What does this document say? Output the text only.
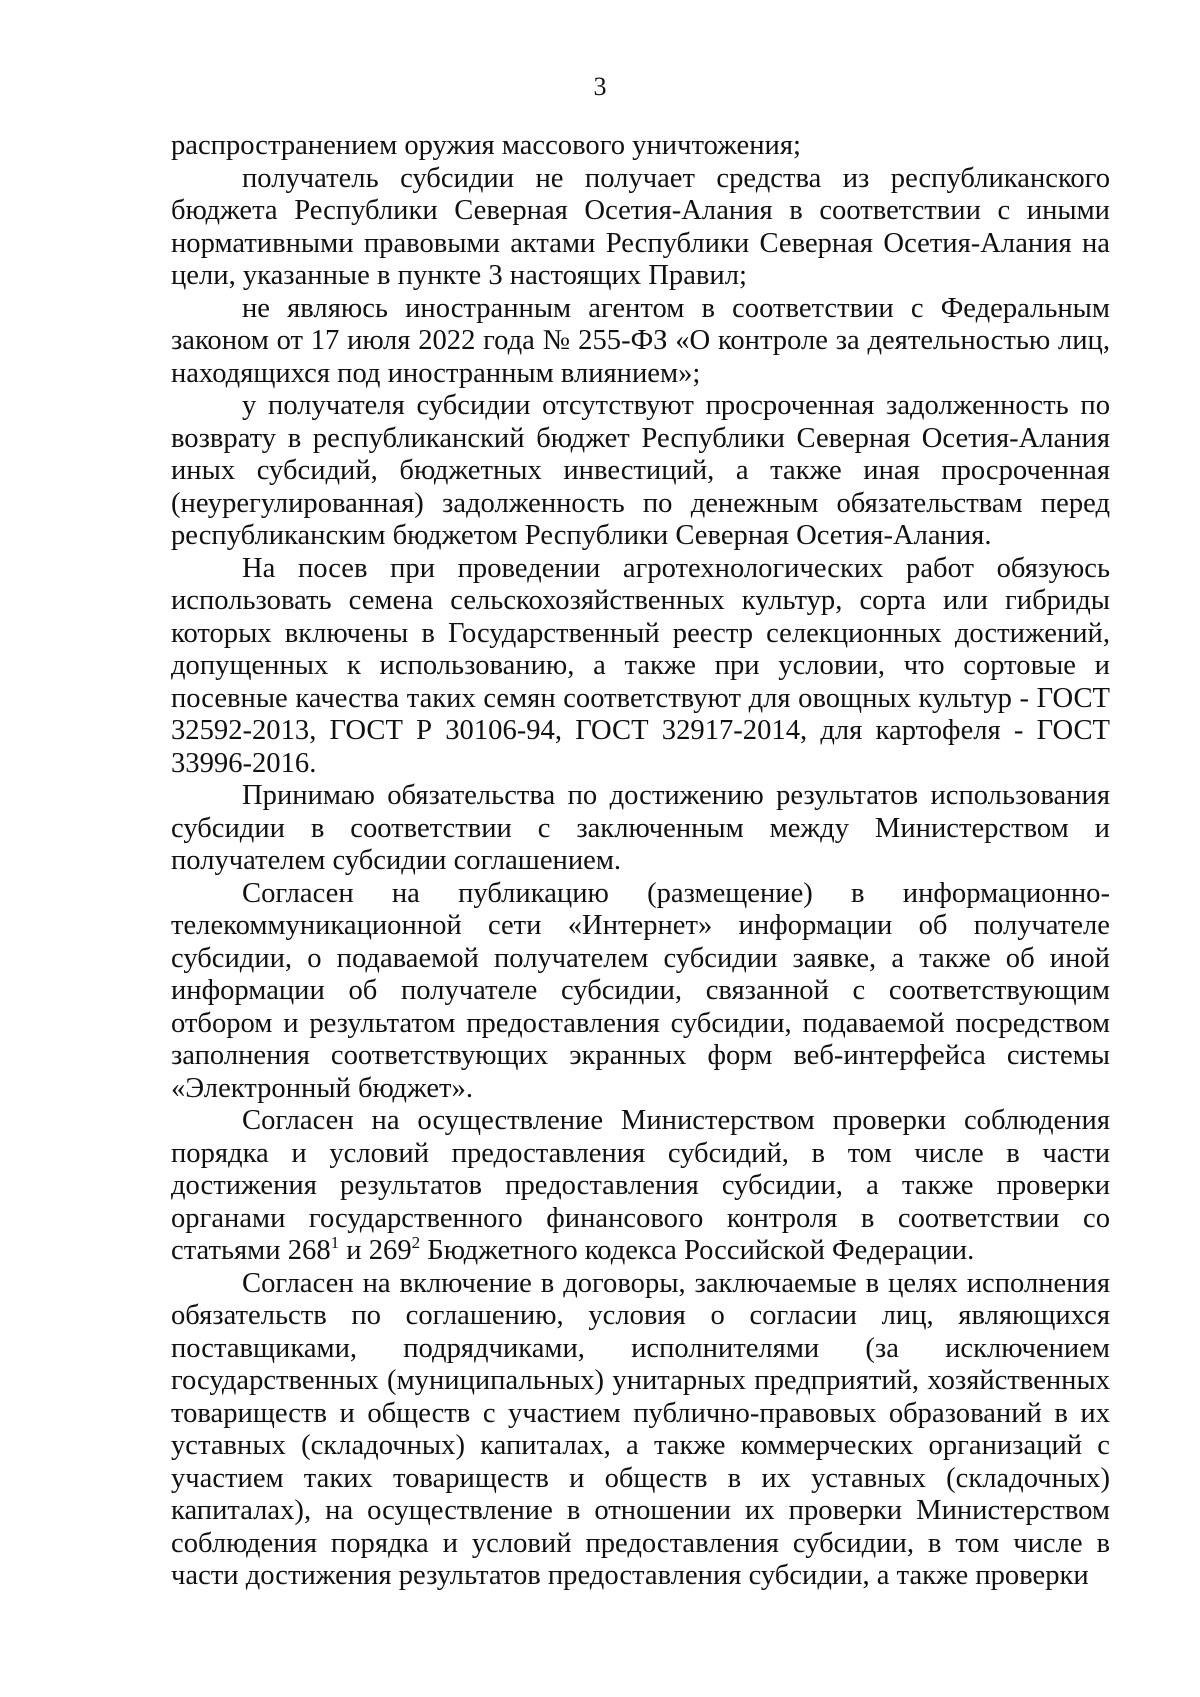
3

распространением оружия массового уничтожения;

получатель субсидии не получает средства из республиканского бюджета Республики Северная Осетия-Алания в соответствии с иными нормативными правовыми актами Республики Северная Осетия-Алания на цели, указанные в пункте 3 настоящих Правил;

не являюсь иностранным агентом в соответствии с Федеральным законом от 17 июля 2022 года № 255-ФЗ «О контроле за деятельностью лиц, находящихся под иностранным влиянием»;

у получателя субсидии отсутствуют просроченная задолженность по возврату в республиканский бюджет Республики Северная Осетия-Алания иных субсидий, бюджетных инвестиций, а также иная просроченная (неурегулированная) задолженность по денежным обязательствам перед республиканским бюджетом Республики Северная Осетия-Алания.

На посев при проведении агротехнологических работ обязуюсь использовать семена сельскохозяйственных культур, сорта или гибриды которых включены в Государственный реестр селекционных достижений, допущенных к использованию, а также при условии, что сортовые и посевные качества таких семян соответствуют для овощных культур - ГОСТ 32592-2013, ГОСТ Р 30106-94, ГОСТ 32917-2014, для картофеля - ГОСТ 33996-2016.

Принимаю обязательства по достижению результатов использования субсидии в соответствии с заключенным между Министерством и получателем субсидии соглашением.

Согласен на публикацию (размещение) в информационно-телекоммуникационной сети «Интернет» информации об получателе субсидии, о подаваемой получателем субсидии заявке, а также об иной информации об получателе субсидии, связанной с соответствующим отбором и результатом предоставления субсидии, подаваемой посредством заполнения соответствующих экранных форм веб-интерфейса системы «Электронный бюджет».

Согласен на осуществление Министерством проверки соблюдения порядка и условий предоставления субсидий, в том числе в части достижения результатов предоставления субсидии, а также проверки органами государственного финансового контроля в соответствии со статьями $268^1$ и $269^2$ Бюджетного кодекса Российской Федерации.

Согласен на включение в договоры, заключаемые в целях исполнения обязательств по соглашению, условия о согласии лиц, являющихся поставщиками, подрядчиками, исполнителями (за исключением государственных (муниципальных) унитарных предприятий, хозяйственных товариществ и обществ с участием публично-правовых образований в их уставных (складочных) капиталах, а также коммерческих организаций с участием таких товариществ и обществ в их уставных (складочных) капиталах), на осуществление в отношении их проверки Министерством соблюдения порядка и условий предоставления субсидии, в том числе в части достижения результатов предоставления субсидии, а также проверки
